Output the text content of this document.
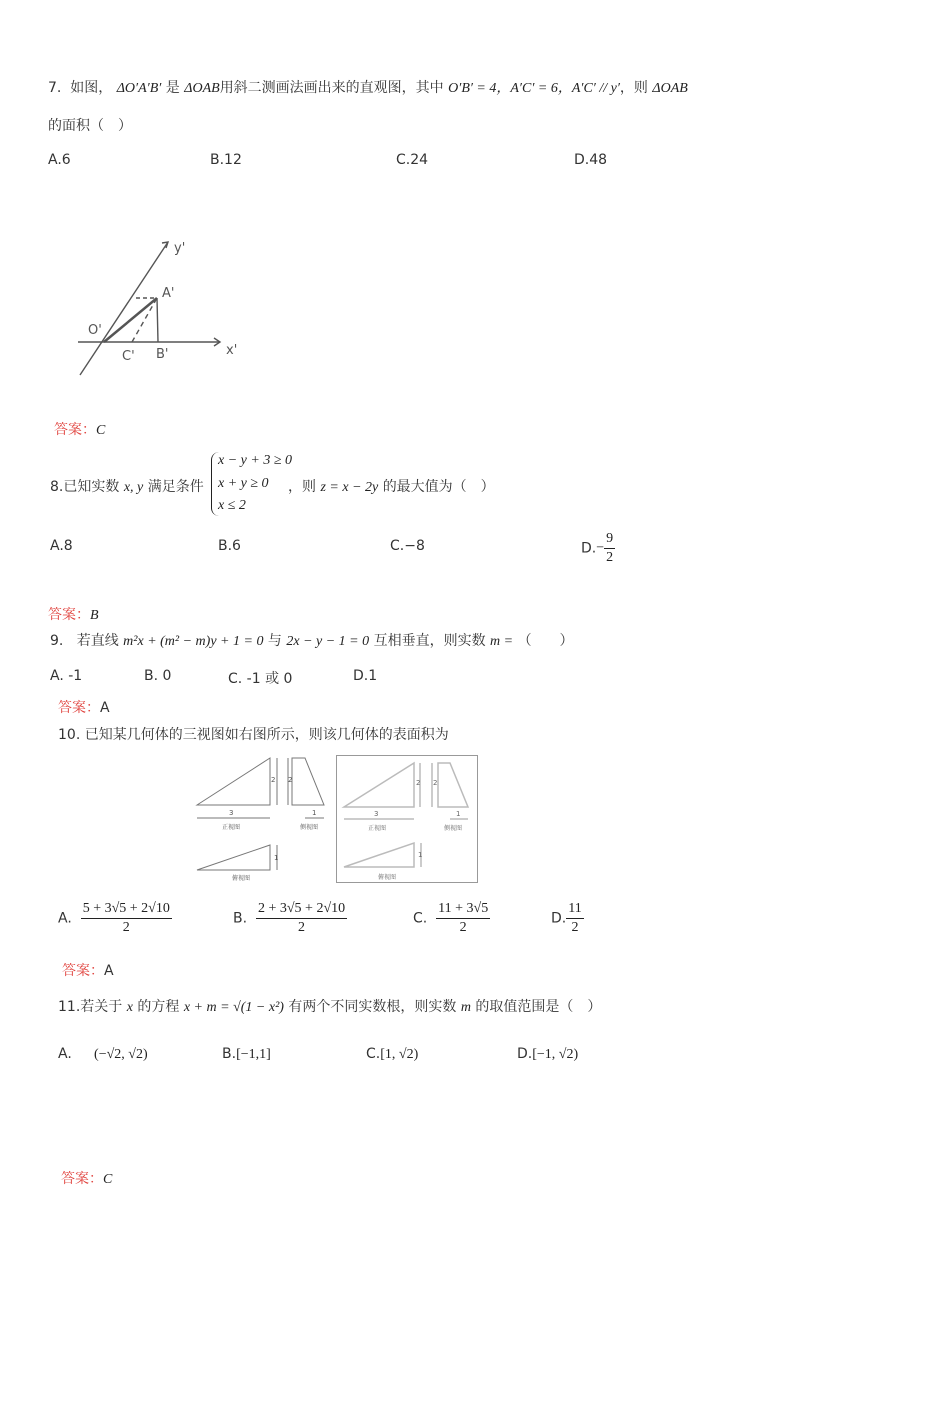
7. 如图， ΔO′A′B′ 是 ΔOAB用斜二测画法画出来的直观图，其中 O′B′ = 4，A′C′ = 6，A′C′ // y′，则 ΔOAB
的面积（　）
A.6	B.12	C.24	D.48
y'
A'
O'
C' B'	x'
答案：C
8.已知实数 x, y 满足条件
x − y + 3 ≥ 0
x + y ≥ 0
x ≤ 2
，则 z = x − 2y 的最大值为（　）
A.8	B.6	C.−8	$D.- \frac{9}{2}$
答案：B
9. 若直线 m²x + (m² − m)y + 1 = 0 与 2x − y − 1 = 0 互相垂直，则实数 m = （　　）
A. -1	B. 0	C. -1 或 0	D.1
答案：A
10. 已知某几何体的三视图如右图所示，则该几何体的表面积为
2 2
3	1
1
正视图	侧视图
俯视图
2 2
3	1
1
正视图	侧视图
俯视图
A. $\frac{5 + 3√5 + 2√10}{2}$	B. $\frac{2 + 3√5 + 2√10}{2}$	C. $\frac{11 + 3√5}{2}$	D. $\frac{11}{2}$
答案：A
11.若关于 x 的方程 x + m = √(1 − x²) 有两个不同实数根，则实数 m 的取值范围是（　）
A. (−√2, √2)	B.[−1,1]	C.[1, √2)	D.[−1, √2)
答案：C
